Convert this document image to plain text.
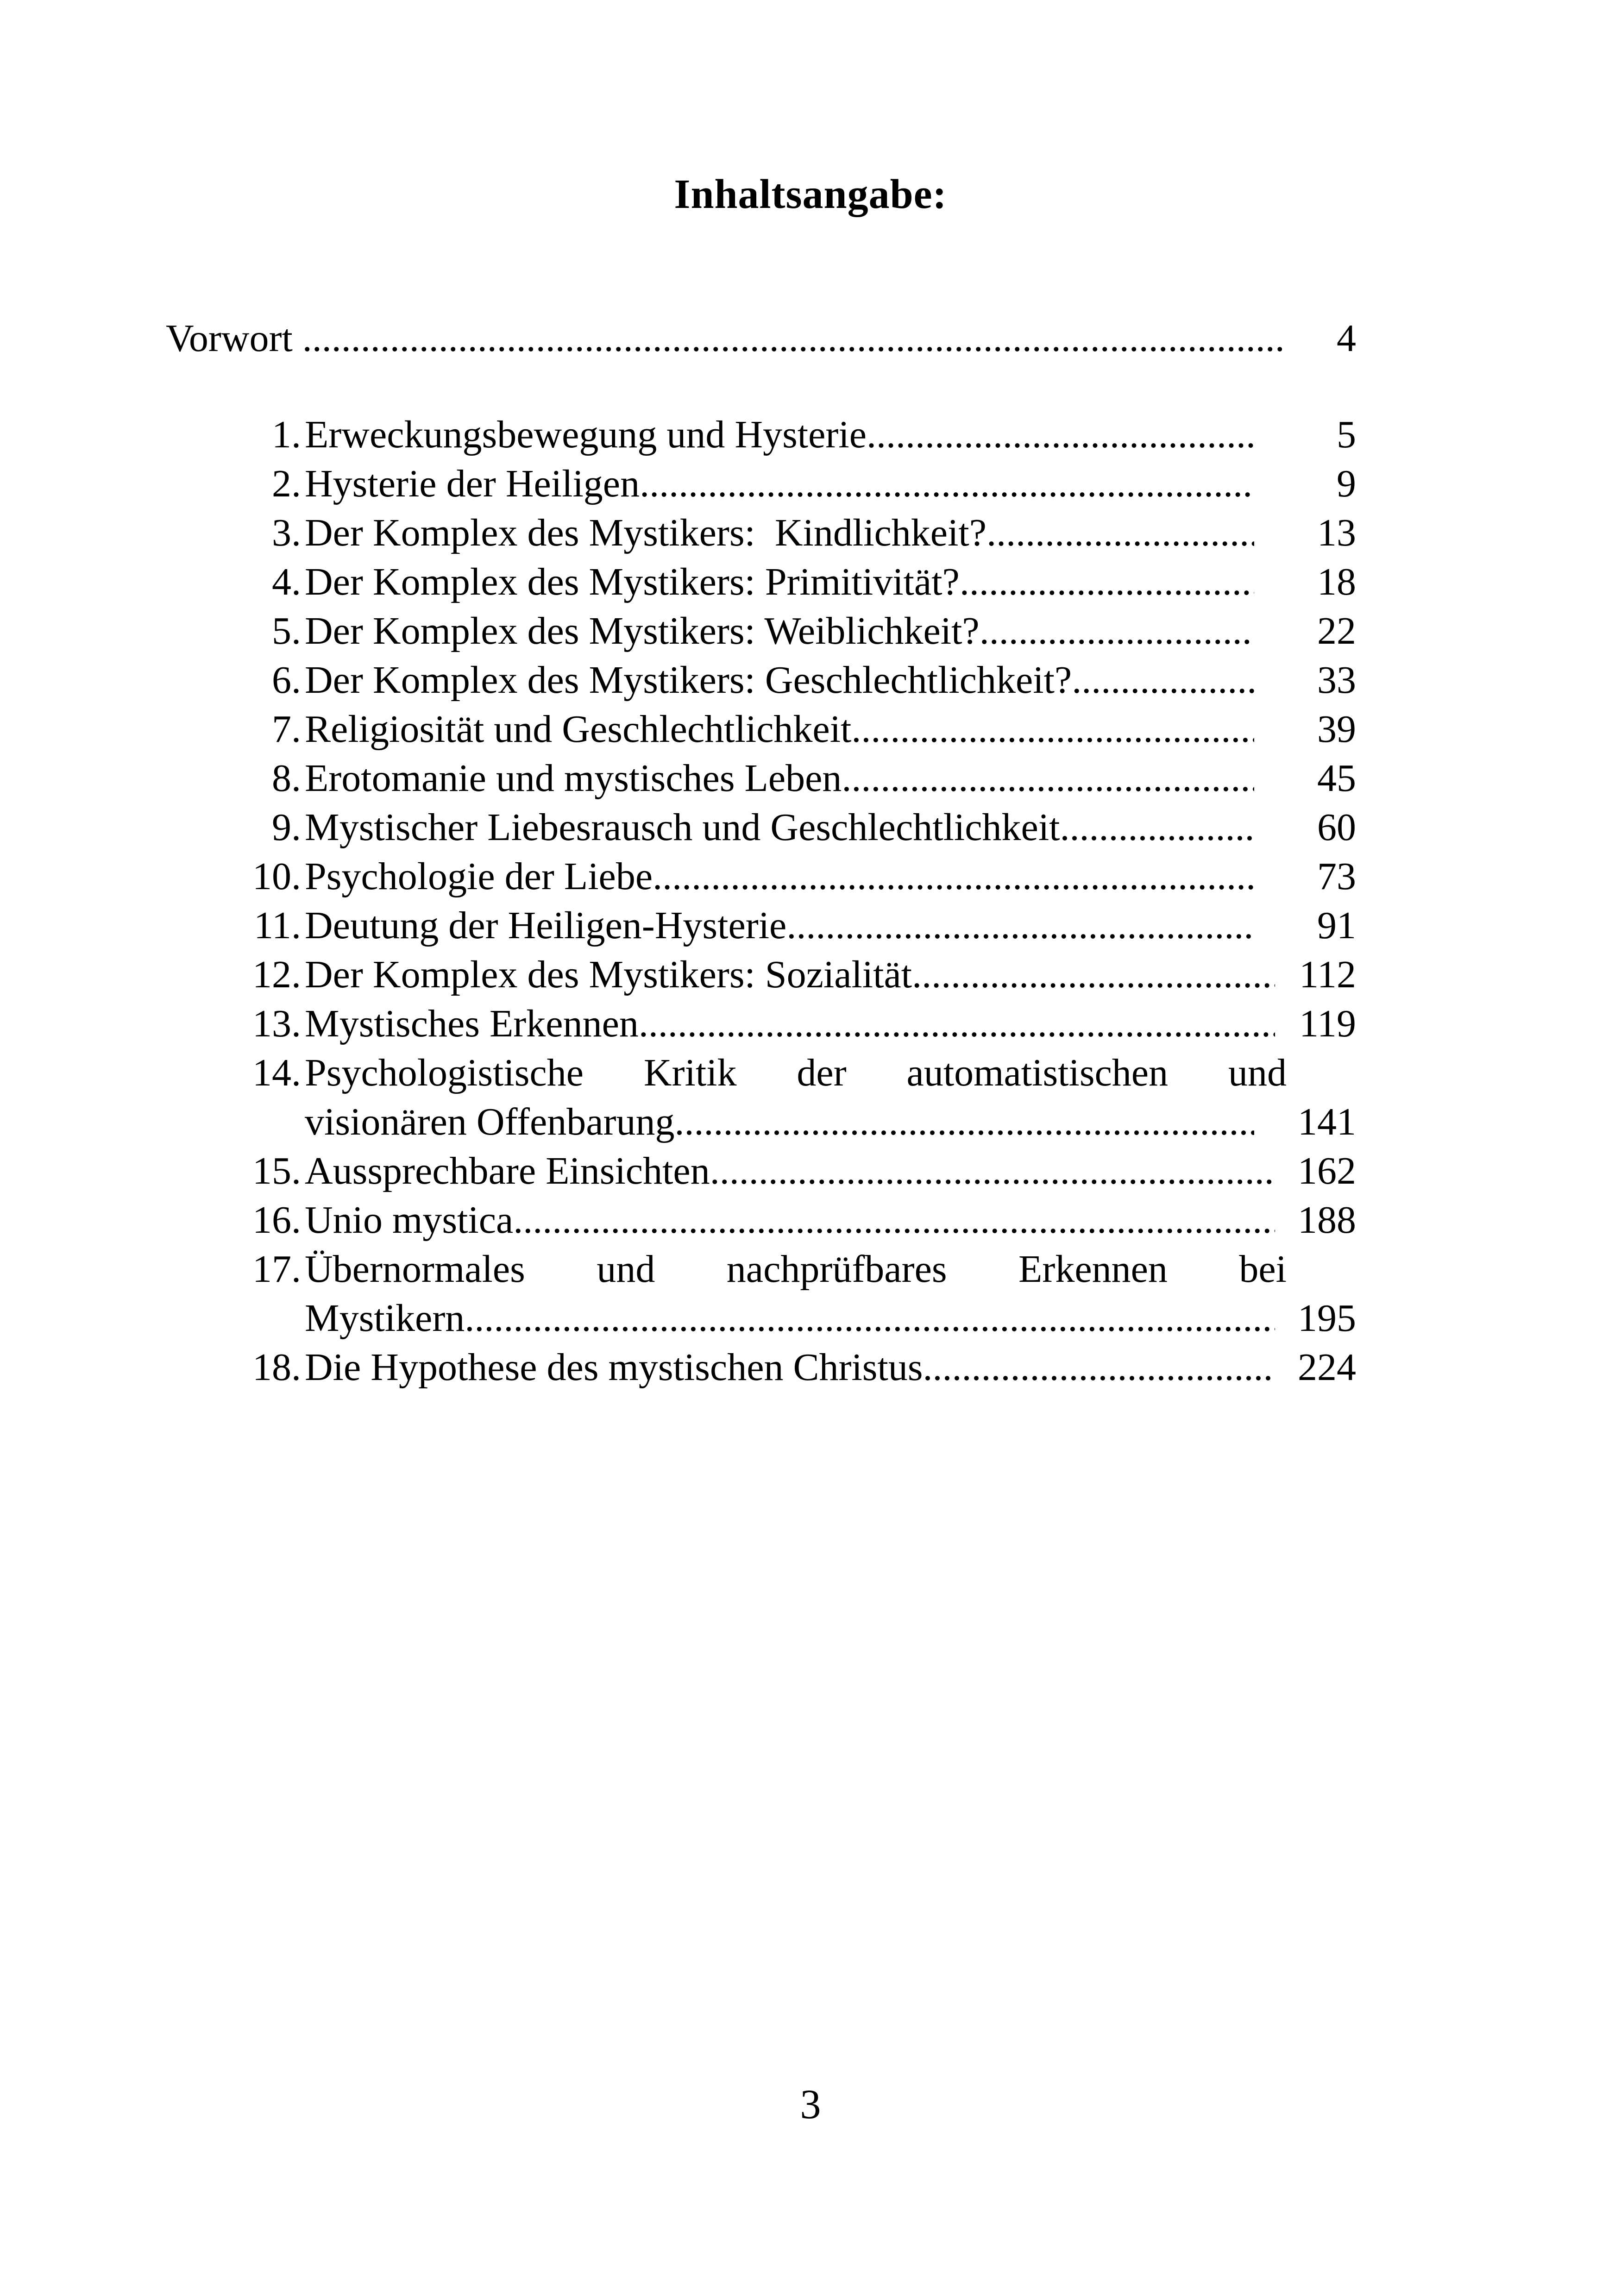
Inhaltsangabe:
Vorwort .....	4
1. Erweckungsbewegung und Hysterie .....	5
2. Hysterie der Heiligen .....	9
3. Der Komplex des Mystikers:  Kindlichkeit? .....	13
4. Der Komplex des Mystikers: Primitivität? .....	18
5. Der Komplex des Mystikers: Weiblichkeit? .....	22
6. Der Komplex des Mystikers: Geschlechtlichkeit? .....	33
7. Religiosität und Geschlechtlichkeit .....	39
8. Erotomanie und mystisches Leben .....	45
9. Mystischer Liebesrausch und Geschlechtlichkeit .....	60
10. Psychologie der Liebe .....	73
11. Deutung der Heiligen-Hysterie .....	91
12. Der Komplex des Mystikers: Sozialität .....	112
13. Mystisches Erkennen .....	119
14. Psychologistische Kritik der automatistischen und
visionären Offenbarung .....	141
15. Aussprechbare Einsichten .....	162
16. Unio mystica .....	188
17. Übernormales und nachprüfbares Erkennen bei
Mystikern .....	195
18. Die Hypothese des mystischen Christus .....	224
3
